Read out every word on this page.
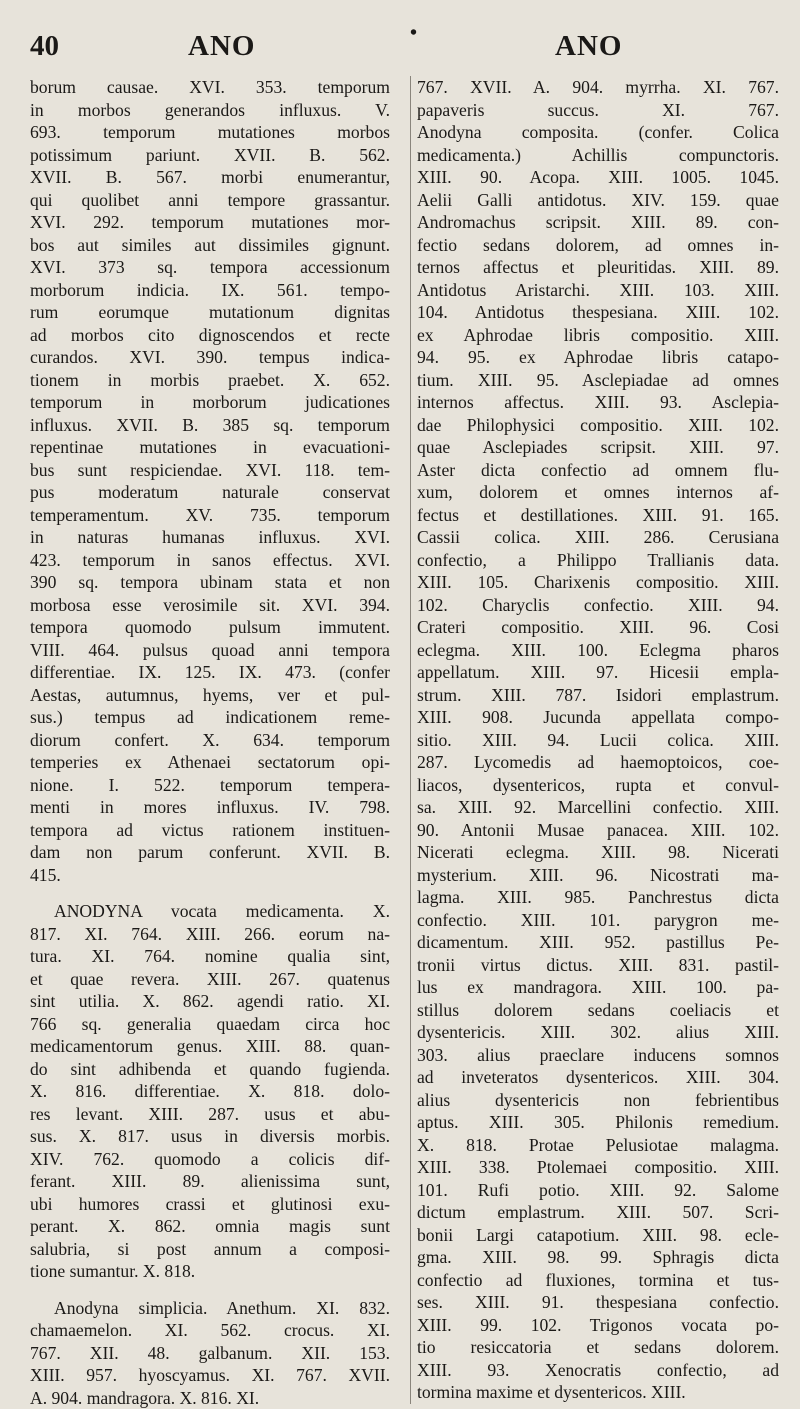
40	ANO	•	ANO
borum causae. XVI. 353. temporum
in morbos generandos influxus. V.
693. temporum mutationes morbos
potissimum pariunt. XVII. B. 562.
XVII. B. 567. morbi enumerantur,
qui quolibet anni tempore grassantur.
XVI. 292. temporum mutationes mor-
bos aut similes aut dissimiles gignunt.
XVI. 373 sq. tempora accessionum
morborum indicia. IX. 561. tempo-
rum eorumque mutationum dignitas
ad morbos cito dignoscendos et recte
curandos. XVI. 390. tempus indica-
tionem in morbis praebet. X. 652.
temporum in morborum judicationes
influxus. XVII. B. 385 sq. temporum
repentinae mutationes in evacuationi-
bus sunt respiciendae. XVI. 118. tem-
pus moderatum naturale conservat
temperamentum. XV. 735. temporum
in naturas humanas influxus. XVI.
423. temporum in sanos effectus. XVI.
390 sq. tempora ubinam stata et non
morbosa esse verosimile sit. XVI. 394.
tempora quomodo pulsum immutent.
VIII. 464. pulsus quoad anni tempora
differentiae. IX. 125. IX. 473. (confer
Aestas, autumnus, hyems, ver et pul-
sus.) tempus ad indicationem reme-
diorum confert. X. 634. temporum
temperies ex Athenaei sectatorum opi-
nione. I. 522. temporum tempera-
menti in mores influxus. IV. 798.
tempora ad victus rationem instituen-
dam non parum conferunt. XVII. B.
415.
ANODYNA vocata medicamenta. X.
817. XI. 764. XIII. 266. eorum na-
tura. XI. 764. nomine qualia sint,
et quae revera. XIII. 267. quatenus
sint utilia. X. 862. agendi ratio. XI.
766 sq. generalia quaedam circa hoc
medicamentorum genus. XIII. 88. quan-
do sint adhibenda et quando fugienda.
X. 816. differentiae. X. 818. dolo-
res levant. XIII. 287. usus et abu-
sus. X. 817. usus in diversis morbis.
XIV. 762. quomodo a colicis dif-
ferant. XIII. 89. alienissima sunt,
ubi humores crassi et glutinosi exu-
perant. X. 862. omnia magis sunt
salubria, si post annum a composi-
tione sumantur. X. 818.
Anodyna simplicia. Anethum. XI. 832.
chamaemelon. XI. 562. crocus. XI.
767. XII. 48. galbanum. XII. 153.
XIII. 957. hyoscyamus. XI. 767. XVII.
A. 904. mandragora. X. 816. XI.
767. XVII. A. 904. myrrha. XI. 767.
papaveris succus. XI. 767.
Anodyna composita. (confer. Colica
medicamenta.) Achillis compunctoris.
XIII. 90. Acopa. XIII. 1005. 1045.
Aelii Galli antidotus. XIV. 159. quae
Andromachus scripsit. XIII. 89. con-
fectio sedans dolorem, ad omnes in-
ternos affectus et pleuritidas. XIII. 89.
Antidotus Aristarchi. XIII. 103. XIII.
104. Antidotus thespesiana. XIII. 102.
ex Aphrodae libris compositio. XIII.
94. 95. ex Aphrodae libris catapo-
tium. XIII. 95. Asclepiadae ad omnes
internos affectus. XIII. 93. Asclepia-
dae Philophysici compositio. XIII. 102.
quae Asclepiades scripsit. XIII. 97.
Aster dicta confectio ad omnem flu-
xum, dolorem et omnes internos af-
fectus et destillationes. XIII. 91. 165.
Cassii colica. XIII. 286. Cerusiana
confectio, a Philippo Trallianis data.
XIII. 105. Charixenis compositio. XIII.
102. Charyclis confectio. XIII. 94.
Crateri compositio. XIII. 96. Cosi
eclegma. XIII. 100. Eclegma pharos
appellatum. XIII. 97. Hicesii empla-
strum. XIII. 787. Isidori emplastrum.
XIII. 908. Jucunda appellata compo-
sitio. XIII. 94. Lucii colica. XIII.
287. Lycomedis ad haemoptoicos, coe-
liacos, dysentericos, rupta et convul-
sa. XIII. 92. Marcellini confectio. XIII.
90. Antonii Musae panacea. XIII. 102.
Nicerati eclegma. XIII. 98. Nicerati
mysterium. XIII. 96. Nicostrati ma-
lagma. XIII. 985. Panchrestus dicta
confectio. XIII. 101. parygron me-
dicamentum. XIII. 952. pastillus Pe-
tronii virtus dictus. XIII. 831. pastil-
lus ex mandragora. XIII. 100. pa-
stillus dolorem sedans coeliacis et
dysentericis. XIII. 302. alius XIII.
303. alius praeclare inducens somnos
ad inveteratos dysentericos. XIII. 304.
alius dysentericis non febrientibus
aptus. XIII. 305. Philonis remedium.
X. 818. Protae Pelusiotae malagma.
XIII. 338. Ptolemaei compositio. XIII.
101. Rufi potio. XIII. 92. Salome
dictum emplastrum. XIII. 507. Scri-
bonii Largi catapotium. XIII. 98. ecle-
gma. XIII. 98. 99. Sphragis dicta
confectio ad fluxiones, tormina et tus-
ses. XIII. 91. thespesiana confectio.
XIII. 99. 102. Trigonos vocata po-
tio resiccatoria et sedans dolorem.
XIII. 93. Xenocratis confectio, ad
tormina maxime et dysentericos. XIII.
